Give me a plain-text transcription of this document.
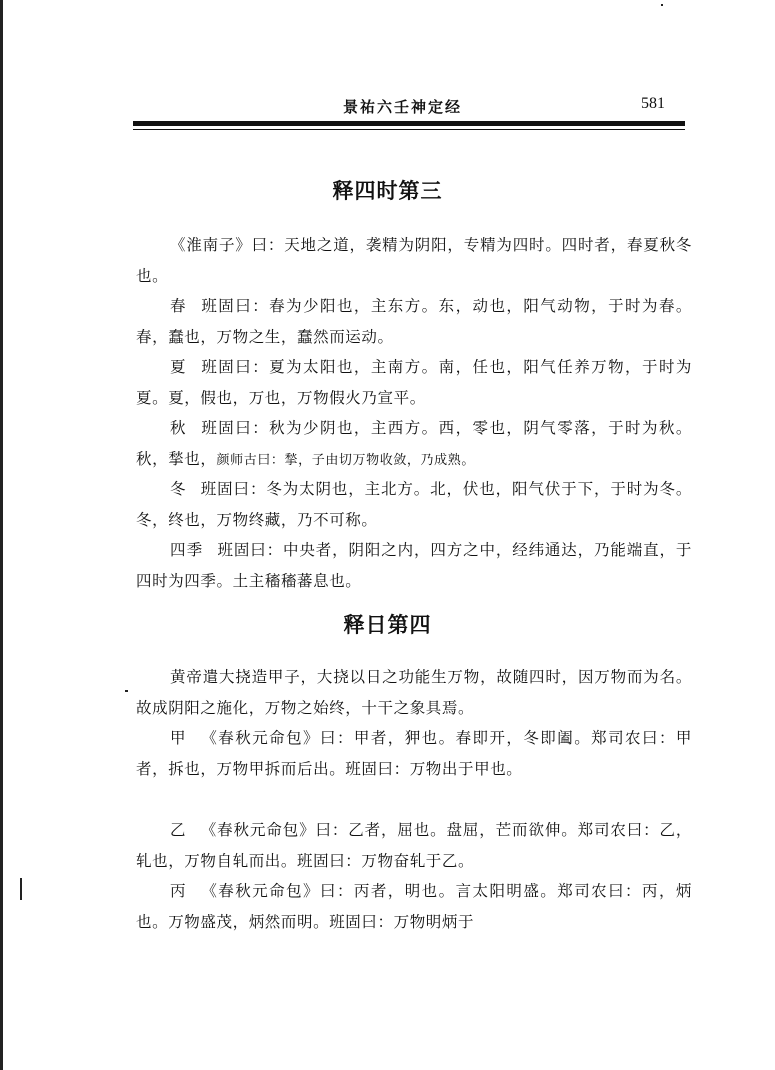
景祐六壬神定经	581
释四时第三
《淮南子》曰：天地之道，袭精为阴阳，专精为四时。四时者，春夏秋冬也。
春 班固曰：春为少阳也，主东方。东，动也，阳气动物，于时为春。春，蠢也，万物之生，蠢然而运动。
夏 班固曰：夏为太阳也，主南方。南，任也，阳气任养万物，于时为夏。夏，假也，万也，万物假火乃宣平。
秋 班固曰：秋为少阴也，主西方。西，零也，阴气零落，于时为秋。秋，揫也，颜师古曰：揫，子由切万物收敛，乃成熟。
冬 班固曰：冬为太阴也，主北方。北，伏也，阳气伏于下，于时为冬。冬，终也，万物终藏，乃不可称。
四季 班固曰：中央者，阴阳之内，四方之中，经纬通达，乃能端直，于四时为四季。土主稸稸蕃息也。
释日第四
黄帝遣大挠造甲子，大挠以日之功能生万物，故随四时，因万物而为名。故成阴阳之施化，万物之始终，十干之象具焉。
甲 《春秋元命包》曰：甲者，狎也。春即开，冬即阖。郑司农曰：甲者，拆也，万物甲拆而后出。班固曰：万物出于甲也。
乙 《春秋元命包》曰：乙者，屈也。盘屈，芒而欲伸。郑司农曰：乙，轧也，万物自轧而出。班固曰：万物奋轧于乙。
丙 《春秋元命包》曰：丙者，明也。言太阳明盛。郑司农曰：丙，炳也。万物盛茂，炳然而明。班固曰：万物明炳于
